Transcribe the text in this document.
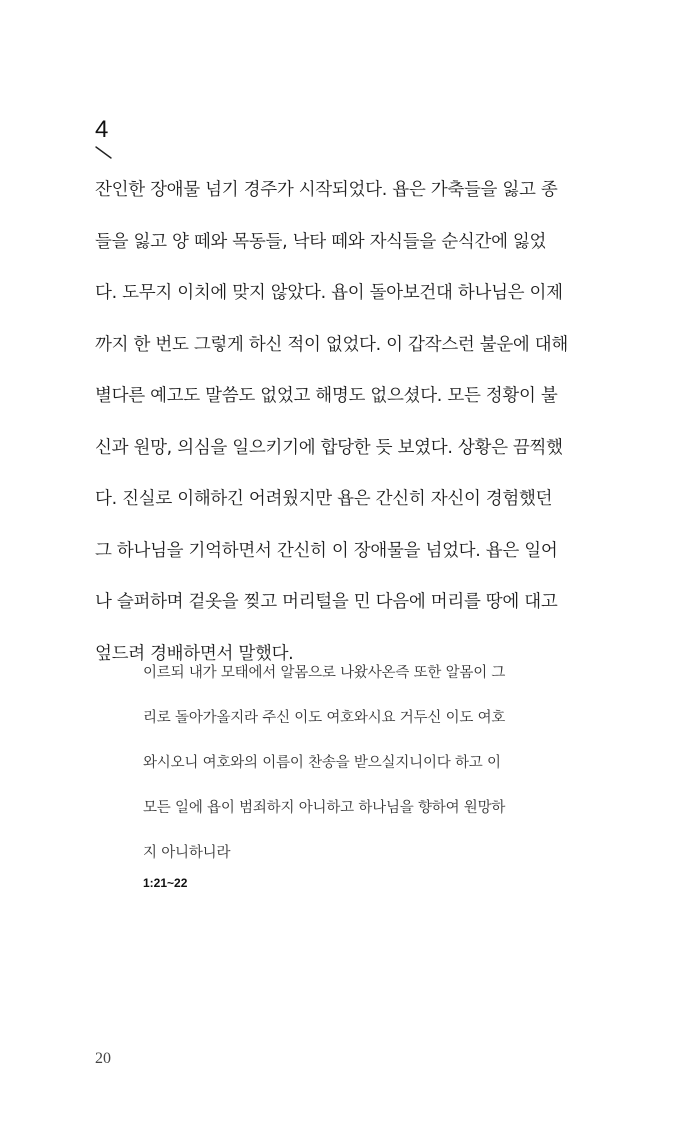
4
잔인한 장애물 넘기 경주가 시작되었다. 욥은 가축들을 잃고 종
들을 잃고 양 떼와 목동들, 낙타 떼와 자식들을 순식간에 잃었
다. 도무지 이치에 맞지 않았다. 욥이 돌아보건대 하나님은 이제
까지 한 번도 그렇게 하신 적이 없었다. 이 갑작스런 불운에 대해
별다른 예고도 말씀도 없었고 해명도 없으셨다. 모든 정황이 불
신과 원망, 의심을 일으키기에 합당한 듯 보였다. 상황은 끔찍했
다. 진실로 이해하긴 어려웠지만 욥은 간신히 자신이 경험했던
그 하나님을 기억하면서 간신히 이 장애물을 넘었다. 욥은 일어
나 슬퍼하며 겉옷을 찢고 머리털을 민 다음에 머리를 땅에 대고
엎드려 경배하면서 말했다.
이르되 내가 모태에서 알몸으로 나왔사온즉 또한 알몸이 그
리로 돌아가올지라 주신 이도 여호와시요 거두신 이도 여호
와시오니 여호와의 이름이 찬송을 받으실지니이다 하고 이
모든 일에 욥이 범죄하지 아니하고 하나님을 향하여 원망하
지 아니하니라
1:21~22
20
